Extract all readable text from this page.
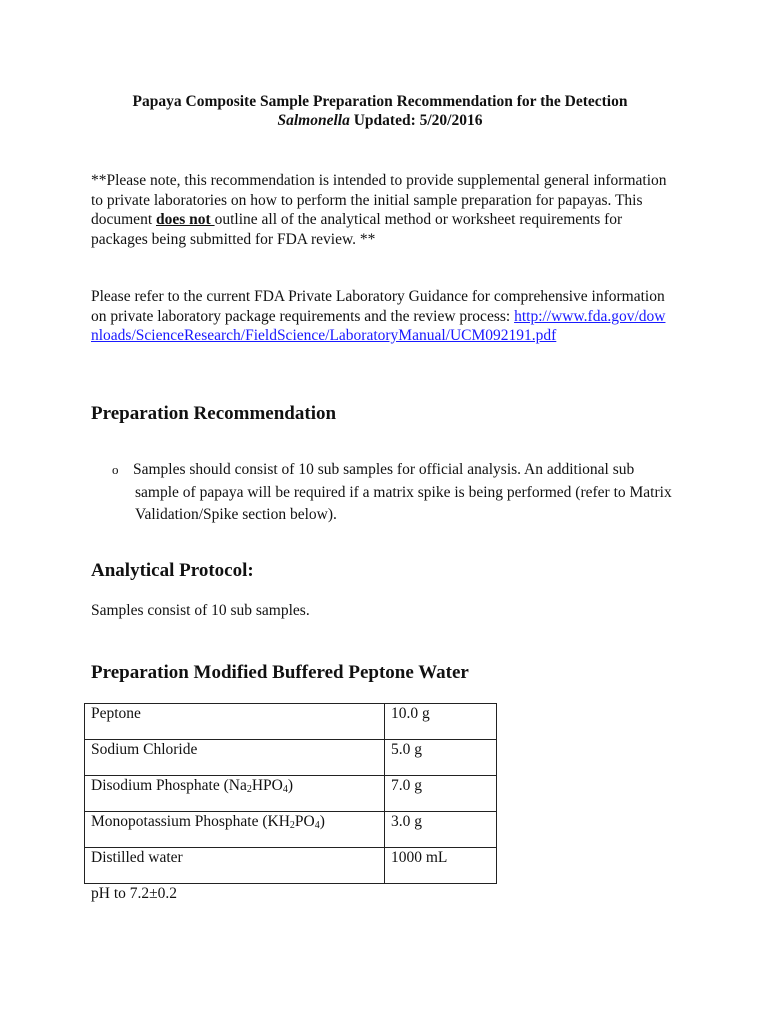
Papaya Composite Sample Preparation Recommendation for the Detection
Salmonella Updated: 5/20/2016
**Please note, this recommendation is intended to provide supplemental general information to private laboratories on how to perform the initial sample preparation for papayas. This document does not outline all of the analytical method or worksheet requirements for packages being submitted for FDA review. **
Please refer to the current FDA Private Laboratory Guidance for comprehensive information on private laboratory package requirements and the review process: http://www.fda.gov/downloads/ScienceResearch/FieldScience/LaboratoryManual/UCM092191.pdf
Preparation Recommendation
o Samples should consist of 10 sub samples for official analysis. An additional sub sample of papaya will be required if a matrix spike is being performed (refer to Matrix Validation/Spike section below).
Analytical Protocol:
Samples consist of 10 sub samples.
Preparation Modified Buffered Peptone Water
Peptone	10.0 g
Sodium Chloride	5.0 g
Disodium Phosphate $(Na_2HPO_4)$	7.0 g
Monopotassium Phosphate $(KH_2PO_4)$	3.0 g
Distilled water	1000 mL
pH to 7.2±0.2
